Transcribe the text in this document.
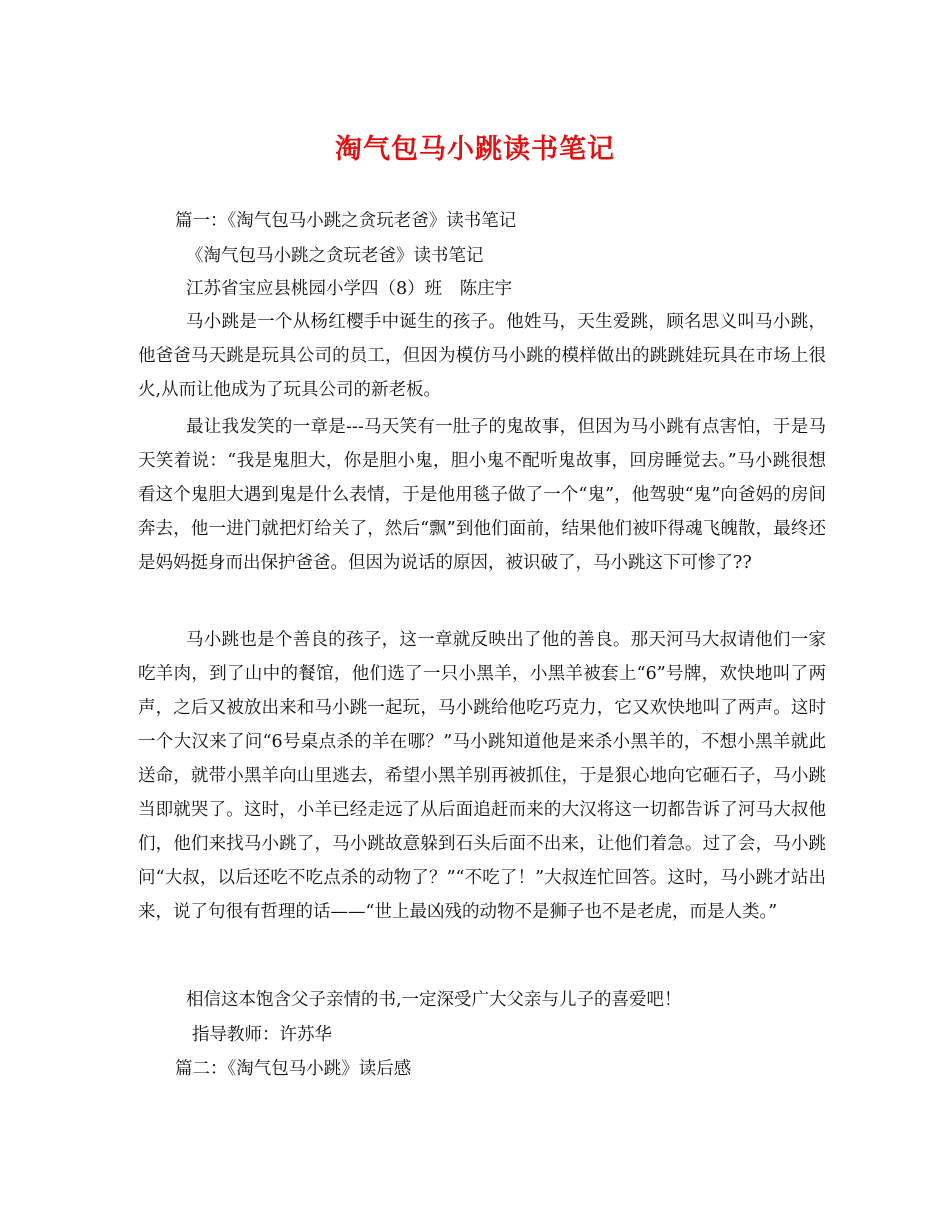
淘气包马小跳读书笔记

篇一：《淘气包马小跳之贪玩老爸》读书笔记

《淘气包马小跳之贪玩老爸》读书笔记

江苏省宝应县桃园小学四（8）班　陈庄宇

马小跳是一个从杨红樱手中诞生的孩子。他姓马，天生爱跳，顾名思义叫马小跳，他爸爸马天跳是玩具公司的员工，但因为模仿马小跳的模样做出的跳跳娃玩具在市场上很火,从而让他成为了玩具公司的新老板。

最让我发笑的一章是---马天笑有一肚子的鬼故事，但因为马小跳有点害怕，于是马天笑着说：“我是鬼胆大，你是胆小鬼，胆小鬼不配听鬼故事，回房睡觉去。”马小跳很想看这个鬼胆大遇到鬼是什么表情，于是他用毯子做了一个“鬼”，他驾驶“鬼”向爸妈的房间奔去，他一进门就把灯给关了，然后“飘”到他们面前，结果他们被吓得魂飞魄散，最终还是妈妈挺身而出保护爸爸。但因为说话的原因，被识破了，马小跳这下可惨了??

马小跳也是个善良的孩子，这一章就反映出了他的善良。那天河马大叔请他们一家吃羊肉，到了山中的餐馆，他们选了一只小黑羊，小黑羊被套上“6”号牌，欢快地叫了两声，之后又被放出来和马小跳一起玩，马小跳给他吃巧克力，它又欢快地叫了两声。这时一个大汉来了问“6号桌点杀的羊在哪？”马小跳知道他是来杀小黑羊的，不想小黑羊就此送命，就带小黑羊向山里逃去，希望小黑羊别再被抓住，于是狠心地向它砸石子，马小跳当即就哭了。这时，小羊已经走远了从后面追赶而来的大汉将这一切都告诉了河马大叔他们，他们来找马小跳了，马小跳故意躲到石头后面不出来，让他们着急。过了会，马小跳问“大叔，以后还吃不吃点杀的动物了？”“不吃了！”大叔连忙回答。这时，马小跳才站出来，说了句很有哲理的话——“世上最凶残的动物不是狮子也不是老虎，而是人类。”

相信这本饱含父子亲情的书,一定深受广大父亲与儿子的喜爱吧！

指导教师：许苏华

篇二：《淘气包马小跳》读后感
